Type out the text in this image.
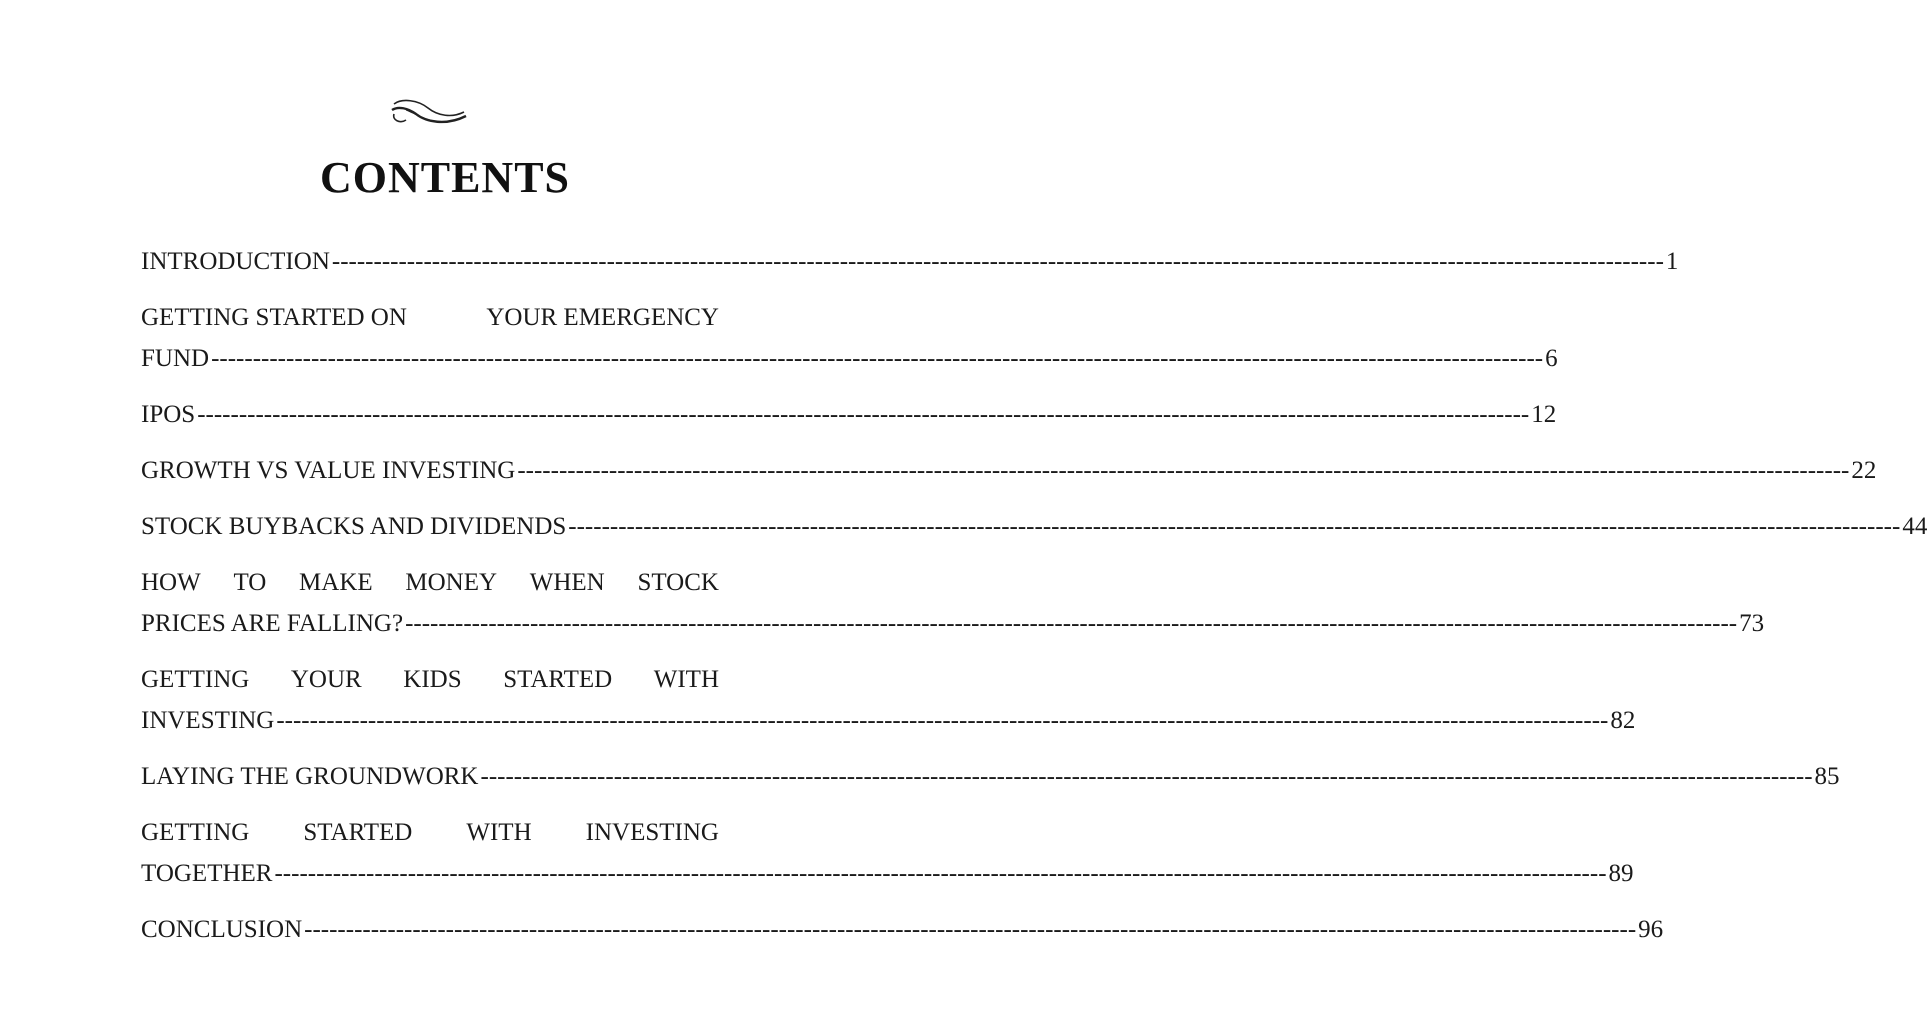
CONTENTS
INTRODUCTION ---------------------------------------------------------------------------------------------------------------------------------------------------------------- 1
GETTING STARTED ON	YOUR EMERGENCY
FUND ---------------------------------------------------------------------------------------------------------------------------------------------------------------- 6
IPOS ---------------------------------------------------------------------------------------------------------------------------------------------------------------- 12
GROWTH VS VALUE INVESTING ---------------------------------------------------------------------------------------------------------------------------------------------------------------- 22
STOCK BUYBACKS AND DIVIDENDS ---------------------------------------------------------------------------------------------------------------------------------------------------------------- 44
HOW TO MAKE MONEY WHEN STOCK
PRICES ARE FALLING? ---------------------------------------------------------------------------------------------------------------------------------------------------------------- 73
GETTING YOUR KIDS STARTED WITH
INVESTING ---------------------------------------------------------------------------------------------------------------------------------------------------------------- 82
LAYING THE GROUNDWORK ---------------------------------------------------------------------------------------------------------------------------------------------------------------- 85
GETTING STARTED WITH INVESTING
TOGETHER ---------------------------------------------------------------------------------------------------------------------------------------------------------------- 89
CONCLUSION ---------------------------------------------------------------------------------------------------------------------------------------------------------------- 96
